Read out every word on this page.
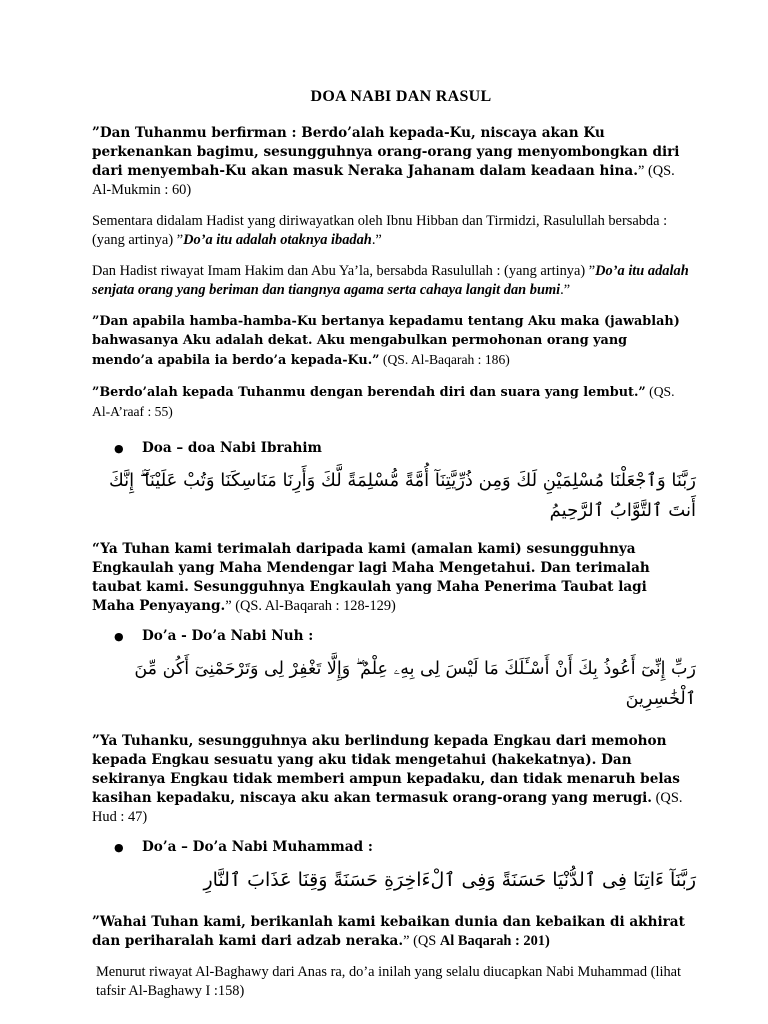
DOA NABI DAN RASUL

”Dan Tuhanmu berfirman : Berdo’alah kepada-Ku, niscaya akan Ku perkenankan bagimu, sesungguhnya orang-orang yang menyombongkan diri dari menyembah-Ku akan masuk Neraka Jahanam dalam keadaan hina.” (QS. Al-Mukmin : 60)

Sementara didalam Hadist yang diriwayatkan oleh Ibnu Hibban dan Tirmidzi, Rasulullah bersabda : (yang artinya) ”Do’a itu adalah otaknya ibadah.”

Dan Hadist riwayat Imam Hakim dan Abu Ya’la, bersabda Rasulullah : (yang artinya) ”Do’a itu adalah senjata orang yang beriman dan tiangnya agama serta cahaya langit dan bumi.”

”Dan apabila hamba-hamba-Ku bertanya kepadamu tentang Aku maka (jawablah) bahwasanya Aku adalah dekat. Aku mengabulkan permohonan orang yang mendo’a apabila ia berdo’a kepada-Ku.” (QS. Al-Baqarah : 186)

”Berdo’alah kepada Tuhanmu dengan berendah diri dan suara yang lembut.” (QS. Al-A’raaf : 55)

●	Doa – doa Nabi Ibrahim
رَبَّنَا وَٱجْعَلْنَا مُسْلِمَيْنِ لَكَ وَمِن ذُرِّيَّتِنَآ أُمَّةً مُّسْلِمَةً لَّكَ وَأَرِنَا مَنَاسِكَنَا وَتُبْ عَلَيْنَآ ۖ إِنَّكَ أَنتَ ٱلتَّوَّابُ ٱلرَّحِيمُ

“Ya Tuhan kami terimalah daripada kami (amalan kami) sesungguhnya Engkaulah yang Maha Mendengar lagi Maha Mengetahui. Dan terimalah taubat kami. Sesungguhnya Engkaulah yang Maha Penerima Taubat lagi Maha Penyayang.” (QS. Al-Baqarah : 128-129)

●	Do’a - Do’a Nabi Nuh :
رَبِّ إِنِّىٓ أَعُوذُ بِكَ أَنْ أَسْـَٔلَكَ مَا لَيْسَ لِى بِهِۦ عِلْمٌ ۖ وَإِلَّا تَغْفِرْ لِى وَتَرْحَمْنِىٓ أَكُن مِّنَ ٱلْخَٰسِرِينَ

”Ya Tuhanku, sesungguhnya aku berlindung kepada Engkau dari memohon kepada Engkau sesuatu yang aku tidak mengetahui (hakekatnya). Dan sekiranya Engkau tidak memberi ampun kepadaku, dan tidak menaruh belas kasihan kepadaku, niscaya aku akan termasuk orang-orang yang merugi. (QS. Hud : 47)

●	Do’a – Do’a Nabi Muhammad :
رَبَّنَآ ءَاتِنَا فِى ٱلدُّنْيَا حَسَنَةً وَفِى ٱلْءَاخِرَةِ حَسَنَةً وَقِنَا عَذَابَ ٱلنَّارِ

”Wahai Tuhan kami, berikanlah kami kebaikan dunia dan kebaikan di akhirat dan periharalah kami dari adzab neraka.” (QS Al Baqarah : 201)

Menurut riwayat Al-Baghawy dari Anas ra, do’a inilah yang selalu diucapkan Nabi Muhammad (lihat tafsir Al-Baghawy I :158)
